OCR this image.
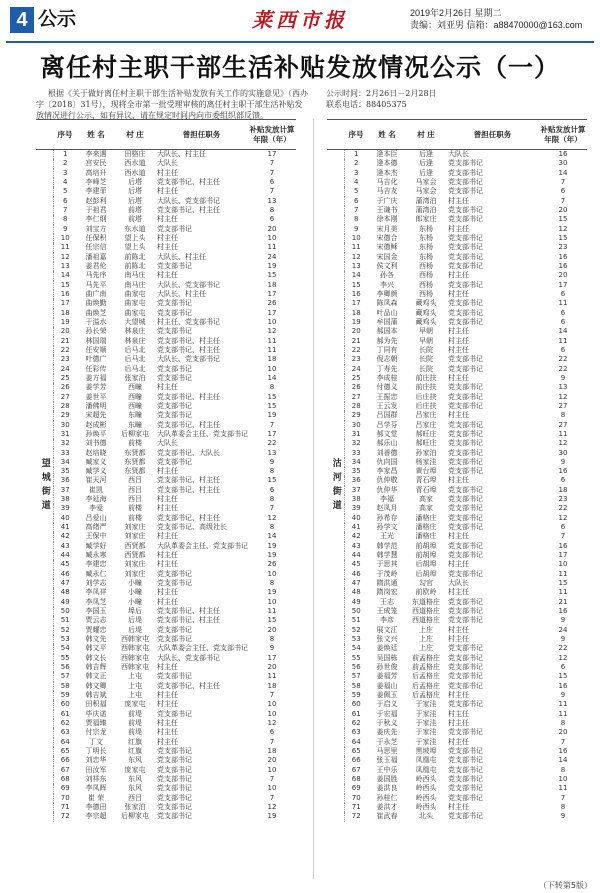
4 公示	莱西市报	2019年2月26日 星期二
责编：刘亚男 信箱：a88470000@163.com
离任村主职干部生活补贴发放情况公示（一）
根据《关于做好离任村主职干部生活补贴发放有关工作的实施意见》（西办字〔2018〕31号），现将全市第一批受理审核的离任村主职干部生活补贴发放情况进行公示，如有异议，请在规定时间内向市委组织部反馈。
公示时间：2月26日－2月28日
联系电话：88405375
	序号	姓 名	村 庄	曾担任职务	补贴发放计算年限（年）
望城街道	1	李来遇	田格庄	大队长、村主任	17
	2	宫安民	西水道	大队长	7
	3	高培升	西水道	村主任	7
	4	李峰芝	后塔	党支部书记、村主任	6
	5	李建菲	后塔	村主任	7
	6	赵彭利	后塔	大队长、党支部书记	13
	7	于祖君	前塔	党支部书记、村主任	8
	8	李仁纲	前塔	村主任	6
	9	刘宝方	东水道	党支部书记	20
	10	任保积	望上头	村主任	10
	11	任宗信	望上头	村主任	11
	12	潘祖嘉	前陈北	大队长、村主任	24
	13	姜君伦	前陈北	党支部书记	19
	14	马先序	南马庄	村主任	15
	15	马先平	南马庄	大队长、党支部书记	18
	16	曲广南	曲家屯	大队长、村主任	17
	17	曲焕勤	曲家屯	党支部书记	26
	18	曲焕芝	曲家屯	党支部书记	17
	19	于溢水	大望城	村主任、党支部书记	10
	20	孙长荣	林泉庄	党支部书记	12
	21	林国瑞	林泉庄	党支部书记、村主任	11
	22	任安顺	后马北	党支部书记、村主任	11
	23	叶德广	后马北	大队长、党支部书记	18
	24	任彩传	后马北	党支部书记	10
	25	姜方福	张家泊	党支部书记	14
	26	姜学芳	西疃	村主任	8
	27	姜世平	西疃	党支部书记、村主任	15
	28	潘佛明	西疃	党支部书记	15
	29	宋超先	东疃	党支部书记	19
	30	赵成彬	东疃	党支部书记、村主任	7
	31	孙焕平	后柳家屯	大队革委会主任、党支部书记	17
	32	刘书德	前楼	大队长	22
	33	赵培晓	东贤都	党支部书记、大队长	13
	34	臧家义	东贤都	党支部书记	9
	35	臧学义	东贤都	村主任	8
	36	崔天河	西吕	党支部书记、村主任	15
	37	崔凯	西吕	党支部书记、村主任	6
	38	李延海	西吕	村主任	8
	39	李爱	前楼	村主任	7
	40	吕爱山	前楼	党支部书记、村主任	12
	41	高绪严	刘家庄	党支部书记、高级社长	8
	42	王保中	刘家庄	村主任	14
	43	臧学好	西贤都	大队革委会主任、党支部书记	19
	44	臧永寒	西贤都	村主任	19
	45	李建忠	刘家庄	村主任	26
	46	臧永仁	刘家庄	党支部书记	10
	47	刘学志	小疃	党支部书记	8
	48	李凤祥	小疃	村主任	19
	49	李凤芝	小疃	村主任	10
	50	李国玉	埠后	党支部书记、村主任	11
	51	贾云志	后堤	党支部书记、村主任	15
	52	贾耀忠	后堤	党支部书记	20
	53	韩文先	西韩家屯	党支部书记	8
	54	韩文平	西韩家屯	大队革委会主任、党支部书记	9
	55	韩文长	西韩家屯	大队长、党支部书记	17
	56	韩吉辉	西韩家屯	村主任	20
	57	韩文正	上屯	党支部书记	11
	58	韩文卿	上屯	党支部书记、村主任	18
	59	韩吉斌	上屯	村主任	7
	60	田积福	庞家屯	村主任	10
	61	毕庆诺	前堤	党支部书记	10
	62	贾福臻	前堤	村主任	12
	63	付宗龙	前堤	村主任	6
	64	丁文	红旗	村主任	7
	65	丁明长	红旗	党支部书记	18
	66	刘忠华	东风	党支部书记	20
	67	田汝军	庞家屯	党支部书记	10
	68	刘祥东	东风	党支部书记	7
	69	李凤晖	东风	党支部书记	10
	70	崔 荣	西吕	党支部书记	7
	71	李德田	张家泊	党支部书记	12
	72	李宗超	后柳家屯	党支部书记	19
	序号	姓 名	村 庄	曾担任职务	补贴发放计算年限（年）
沽河街道	1	逄本臣	后逄	大队长	16
	2	逄本德	后逄	党支部书记	30
	3	逄本杰	后逄	党支部书记	14
	4	马吉化	马家会	党支部书记	7
	5	马吉友	马家会	党支部书记	6
	6	于广庆	蒲湾泊	村主任	7
	7	王谦书	蒲湾泊	党支部书记	20
	8	徐本刚	郎家庄	党支部书记	15
	9	宋月美	东杨	村主任	12
	10	宋德合	东杨	党支部书记	15
	11	宋德稣	东杨	党支部书记	23
	12	宋国金	东杨	党支部书记	16
	13	侯文利	西杨	党支部书记	16
	14	孙各	西杨	村主任	20
	15	李兴	西杨	党支部书记	17
	16	李卿颜	西杨	村主任	6
	17	陈凤森	藏鸡头	党支部书记	11
	18	叶品山	藏鸡头	党支部书记	6
	19	牟国蒲	藏鸡头	党支部书记	6
	20	郝国本	早朝	村主任	14
	21	郝为先	早朝	村主任	11
	22	丁同有	长院	村主任	6
	23	倪志朝	长院	党支部书记	22
	24	丁寿先	长院	党支部书记	22
	25	李成桂	前庄扶	村主任	9
	26	付德义	前庄扶	党支部书记	13
	27	王振忠	后庄扶	党支部书记	12
	28	王云发	后庄扶	党支部书记	27
	29	吕国群	吕家庄	村主任	8
	30	吕学芬	吕家庄	党支部书记	27
	31	郝文堂	郝旺庄	党支部书记	11
	32	郝乐山	郝旺庄	党支部书记	12
	33	刘善德	孙家泊	党支部书记	30
	34	仇向国	杨家洼	党支部书记	9
	35	李家昌	黄台埠	党支部书记	16
	36	仇仲敬	青石埠	村主任	6
	37	仇仲华	青石埠	党支部书记	18
	38	李福	高家	党支部书记	23
	39	赵凤月	高家	党支部书记	22
	40	孙希存	潘格庄	党支部书记	12
	41	孙学文	潘格庄	党支部书记	6
	42	王光	潘格庄	村主任	7
	43	韩学范	前胡埠	党支部书记	16
	44	韩学慧	前胡埠	党支部书记	17
	45	于思其	后胡埠	村主任	10
	46	于茂岭	后胡埠	党支部书记	11
	47	隋洪通	勾官	大队长	15
	48	隋岗宏	前欧岭	村主任	11
	49	王志	东道格庄	党支部书记	21
	50	王成笼	西道格庄	党支部书记	16
	51	李彦	西道格庄	党支部书记	9
	52	展文江	上庄	村主任	24
	53	张文兴	上庄	村主任	9
	54	姜焕廷	上庄	党支部书记	22
	55	吴国栋	前孟格庄	党支部书记	12
	56	孙世俊	前孟格庄	党支部书记	6
	57	姜福芳	后孟格庄	党支部书记	15
	58	姜福山	后孟格庄	党支部书记	16
	59	姜佩玉	后孟格庄	村主任	9
	60	于启义	于家洼	党支部书记	11
	61	于宏福	于家洼	村主任	11
	62	于秋义	于家洼	村主任	8
	63	姜庆先	于家洼	党支部书记	20
	64	于永芝	于家洼	村主任	7
	65	马思里	黑坡埠	党支部书记	16
	66	张玉福	凤凰屯	党支部书记	14
	67	王中乐	凤凰屯	党支部书记	8
	68	姜国胜	岭西头	党支部书记	10
	69	姜洪良	岭西头	党支部书记	11
	70	孙桂仁	岭西头	党支部书记	7
	71	姜洪才	岭西头	村主任	8
	72	崔武春	北头	党支部书记	9
（下转第5版）
